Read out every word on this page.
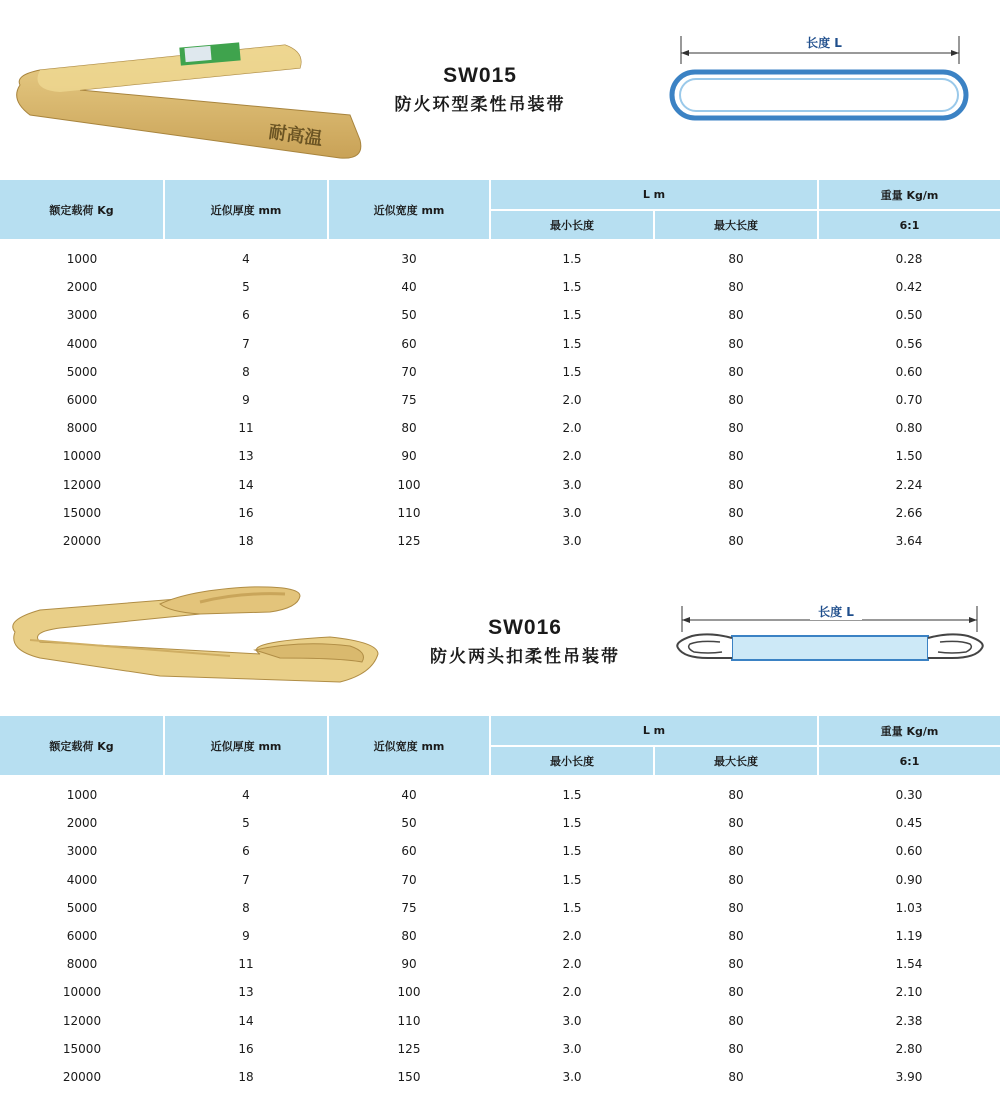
耐高温
SW015
防火环型柔性吊装带
长度 L
额定载荷 Kg	近似厚度 mm	近似宽度 mm	L m		重量 Kg/m
			最小长度	最大长度	6:1
1000	4	30	1.5	80	0.28
2000	5	40	1.5	80	0.42
3000	6	50	1.5	80	0.50
4000	7	60	1.5	80	0.56
5000	8	70	1.5	80	0.60
6000	9	75	2.0	80	0.70
8000	11	80	2.0	80	0.80
10000	13	90	2.0	80	1.50
12000	14	100	3.0	80	2.24
15000	16	110	3.0	80	2.66
20000	18	125	3.0	80	3.64
SW016
防火两头扣柔性吊装带
长度 L
额定载荷 Kg	近似厚度 mm	近似宽度 mm	L m		重量 Kg/m
			最小长度	最大长度	6:1
1000	4	40	1.5	80	0.30
2000	5	50	1.5	80	0.45
3000	6	60	1.5	80	0.60
4000	7	70	1.5	80	0.90
5000	8	75	1.5	80	1.03
6000	9	80	2.0	80	1.19
8000	11	90	2.0	80	1.54
10000	13	100	2.0	80	2.10
12000	14	110	3.0	80	2.38
15000	16	125	3.0	80	2.80
20000	18	150	3.0	80	3.90
